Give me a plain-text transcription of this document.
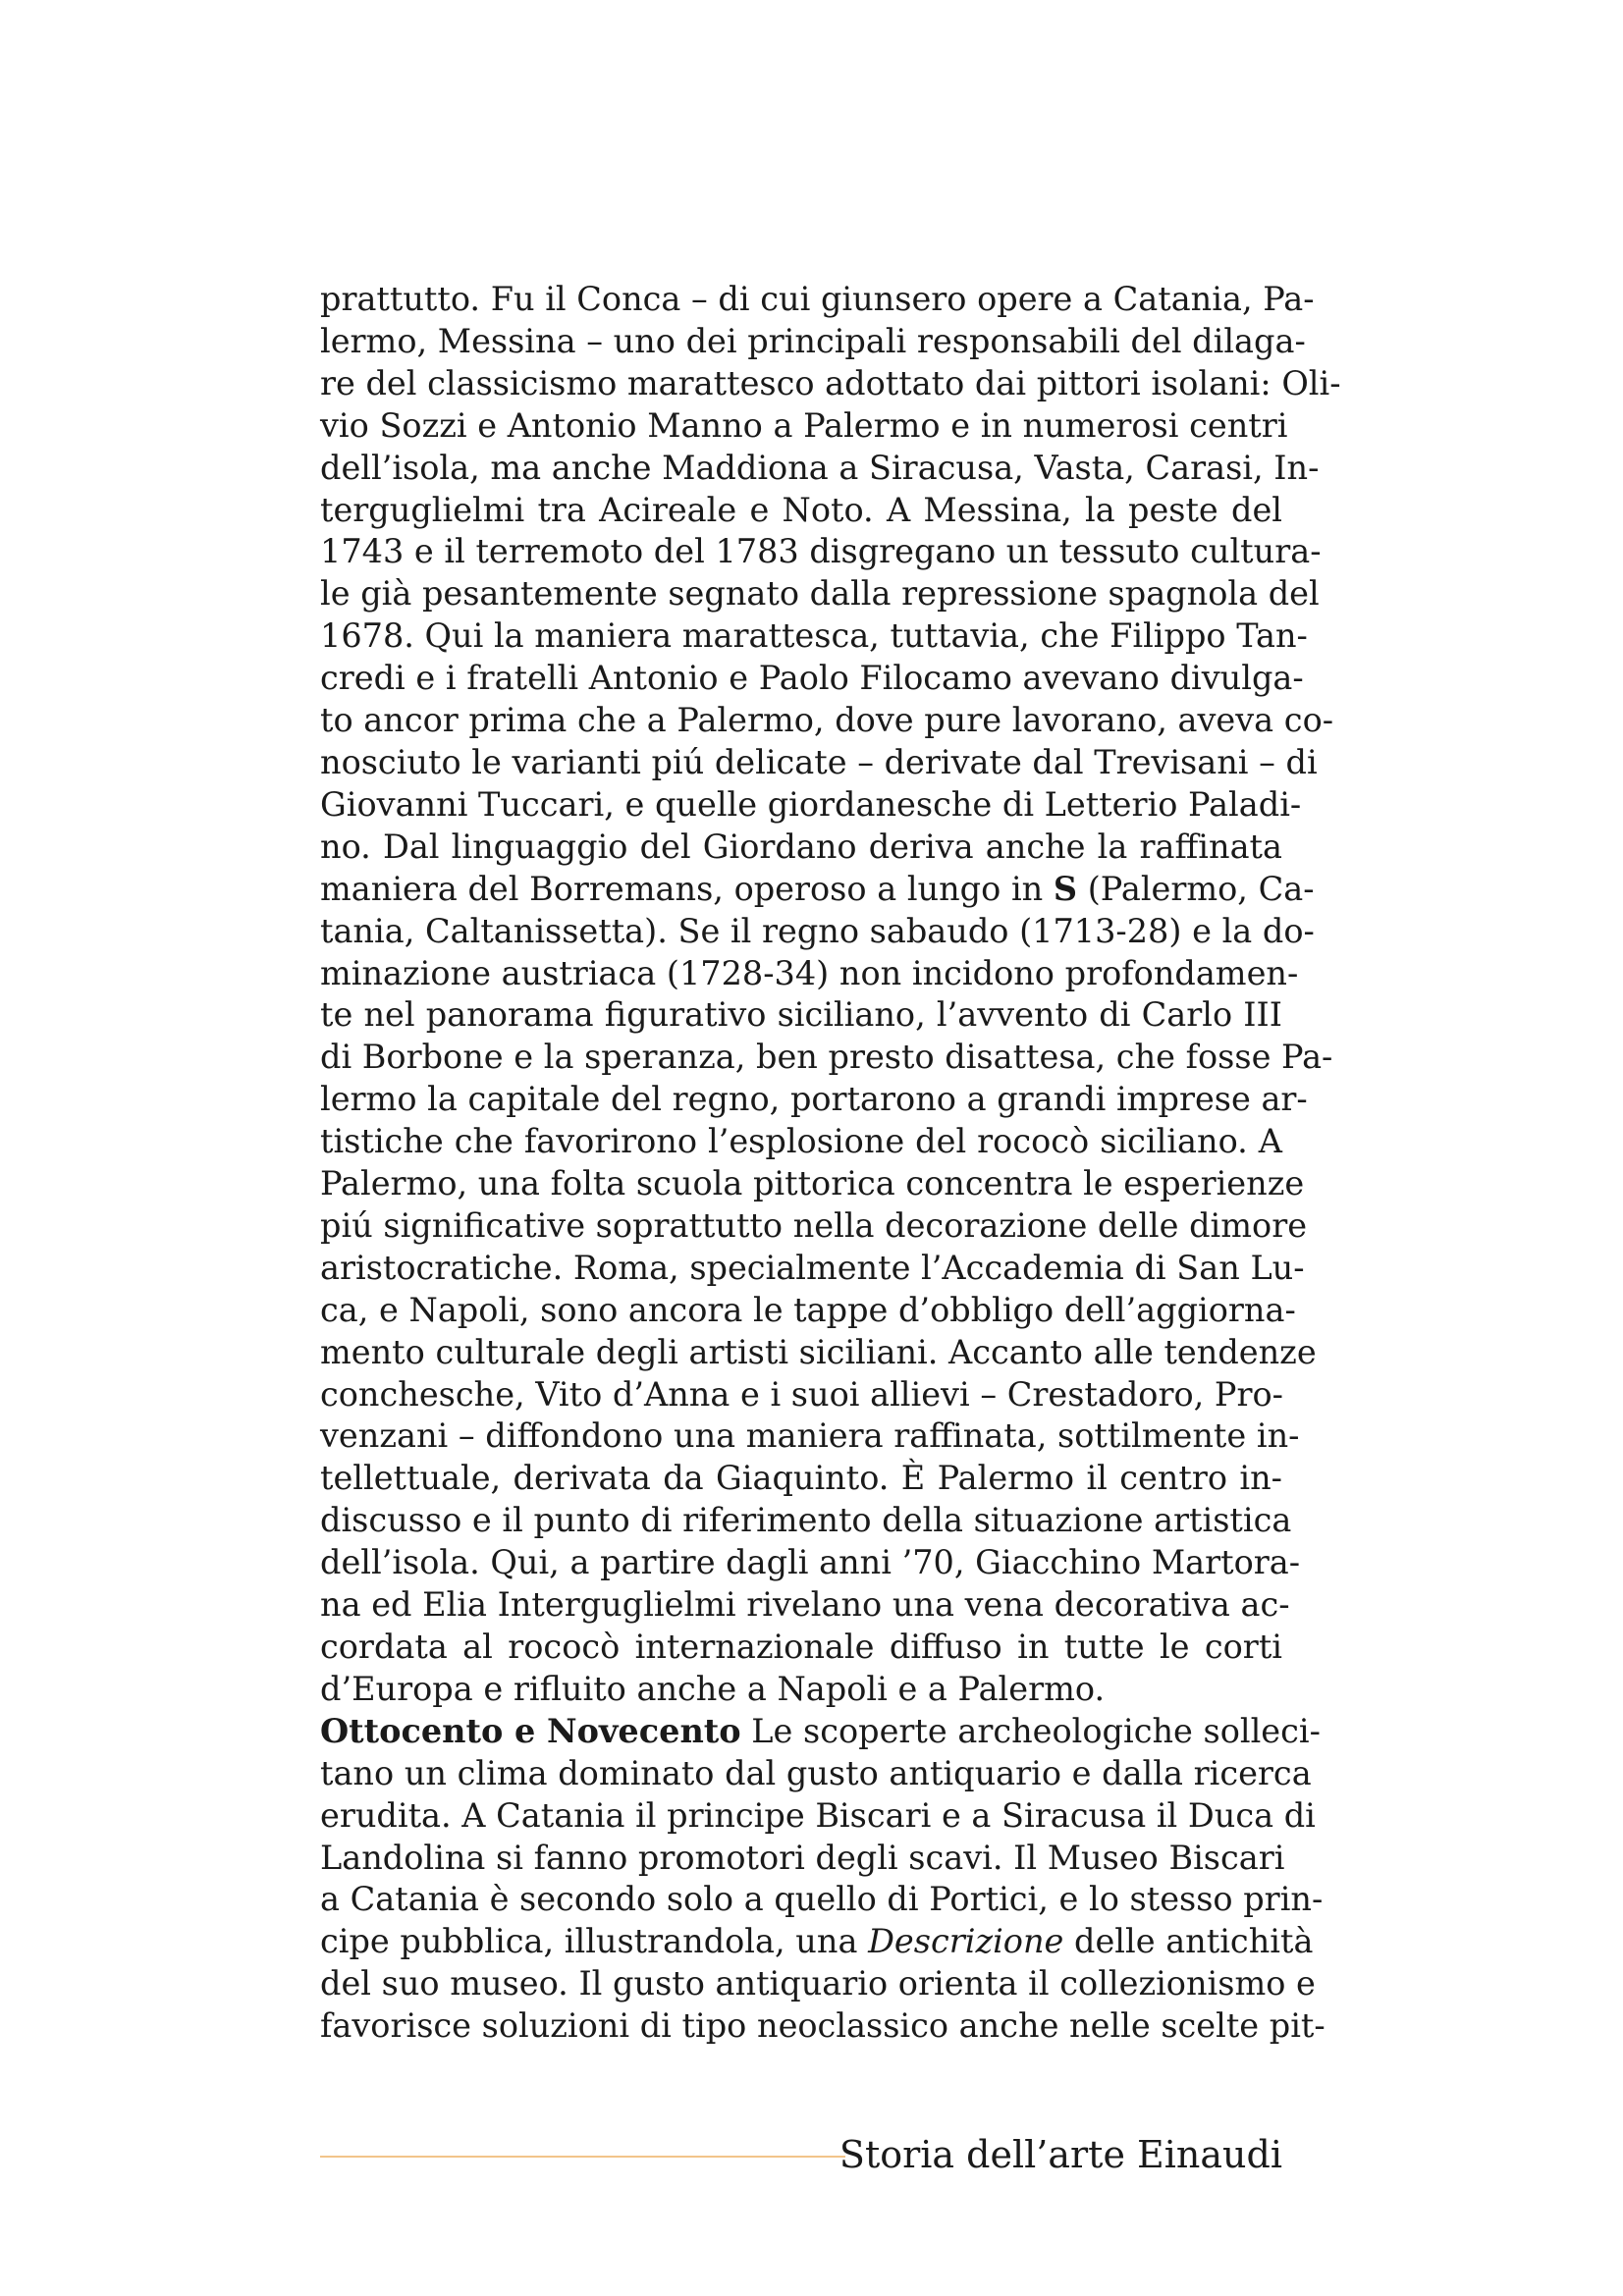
prattutto. Fu il Conca – di cui giunsero opere a Catania, Pa-
lermo, Messina – uno dei principali responsabili del dilaga-
re del classicismo marattesco adottato dai pittori isolani: Oli-
vio Sozzi e Antonio Manno a Palermo e in numerosi centri
dell’isola, ma anche Maddiona a Siracusa, Vasta, Carasi, In-
terguglielmi tra Acireale e Noto. A Messina, la peste del
1743 e il terremoto del 1783 disgregano un tessuto cultura-
le già pesantemente segnato dalla repressione spagnola del
1678. Qui la maniera marattesca, tuttavia, che Filippo Tan-
credi e i fratelli Antonio e Paolo Filocamo avevano divulga-
to ancor prima che a Palermo, dove pure lavorano, aveva co-
nosciuto le varianti piú delicate – derivate dal Trevisani – di
Giovanni Tuccari, e quelle giordanesche di Letterio Paladi-
no. Dal linguaggio del Giordano deriva anche la raffinata
maniera del Borremans, operoso a lungo in S (Palermo, Ca-
tania, Caltanissetta). Se il regno sabaudo (1713-28) e la do-
minazione austriaca (1728-34) non incidono profondamen-
te nel panorama figurativo siciliano, l’avvento di Carlo III
di Borbone e la speranza, ben presto disattesa, che fosse Pa-
lermo la capitale del regno, portarono a grandi imprese ar-
tistiche che favorirono l’esplosione del rococò siciliano. A
Palermo, una folta scuola pittorica concentra le esperienze
piú significative soprattutto nella decorazione delle dimore
aristocratiche. Roma, specialmente l’Accademia di San Lu-
ca, e Napoli, sono ancora le tappe d’obbligo dell’aggiorna-
mento culturale degli artisti siciliani. Accanto alle tendenze
conchesche, Vito d’Anna e i suoi allievi – Crestadoro, Pro-
venzani – diffondono una maniera raffinata, sottilmente in-
tellettuale, derivata da Giaquinto. È Palermo il centro in-
discusso e il punto di riferimento della situazione artistica
dell’isola. Qui, a partire dagli anni ’70, Giacchino Martora-
na ed Elia Interguglielmi rivelano una vena decorativa ac-
cordata al rococò internazionale diffuso in tutte le corti
d’Europa e rifluito anche a Napoli e a Palermo.
Ottocento e Novecento Le scoperte archeologiche solleci-
tano un clima dominato dal gusto antiquario e dalla ricerca
erudita. A Catania il principe Biscari e a Siracusa il Duca di
Landolina si fanno promotori degli scavi. Il Museo Biscari
a Catania è secondo solo a quello di Portici, e lo stesso prin-
cipe pubblica, illustrandola, una Descrizione delle antichità
del suo museo. Il gusto antiquario orienta il collezionismo e
favorisce soluzioni di tipo neoclassico anche nelle scelte pit-
Storia dell’arte Einaudi
